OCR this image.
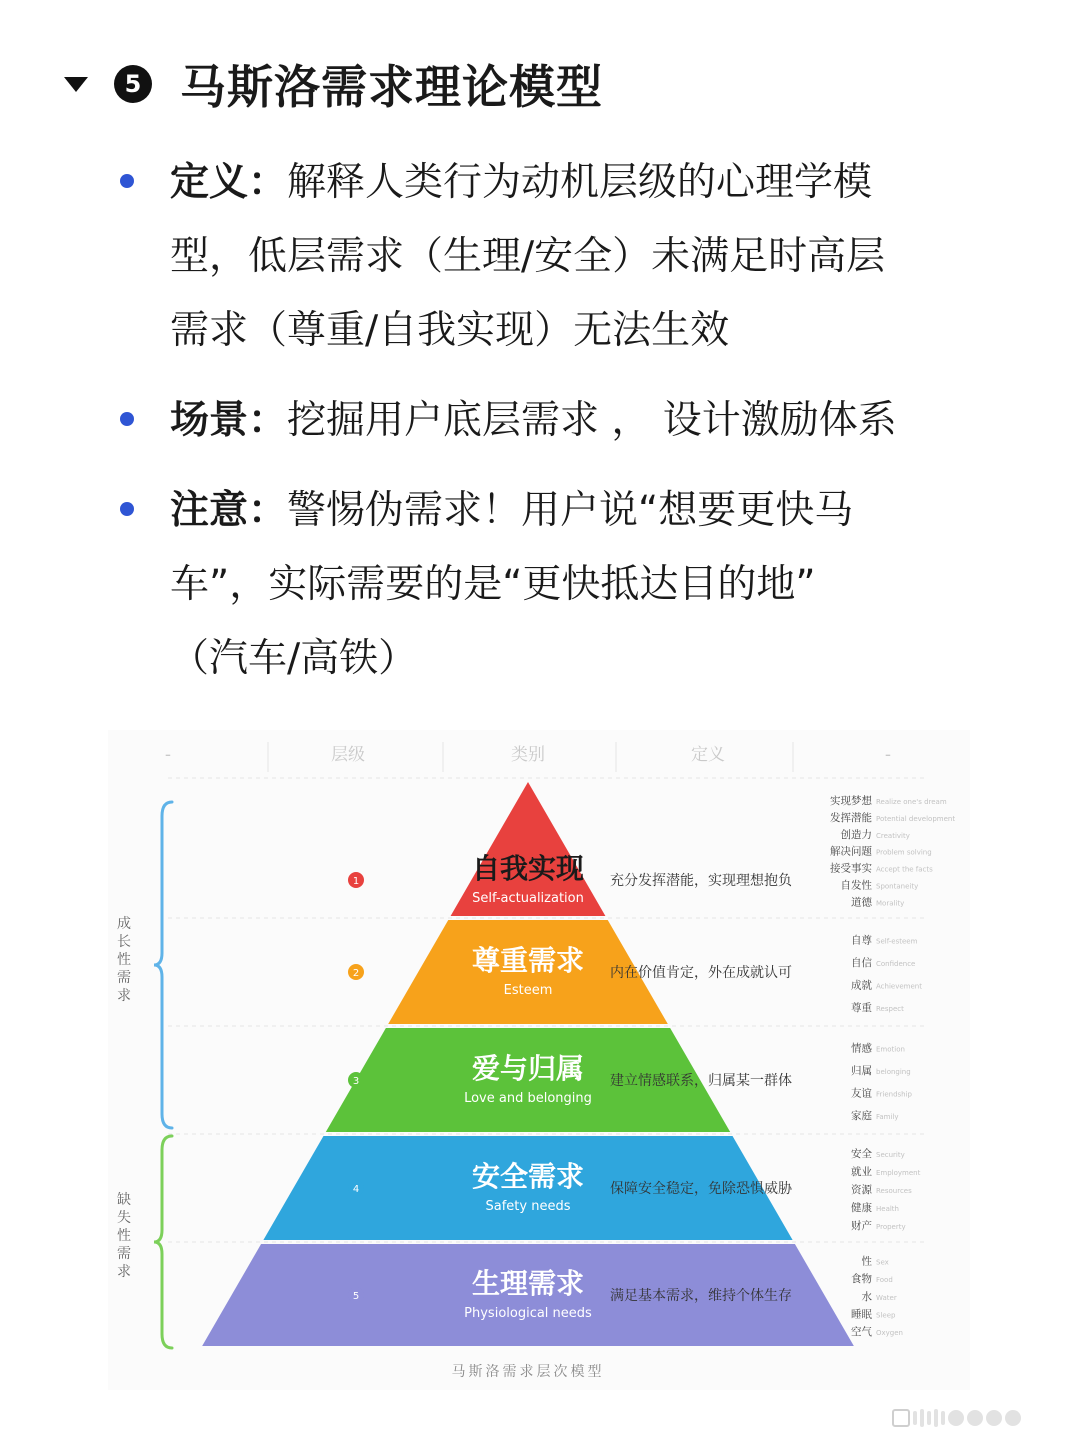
5 马斯洛需求理论模型
定义：解释人类行为动机层级的心理学模
型，低层需求（生理/安全）未满足时高层
需求（尊重/自我实现）无法生效
场景：挖掘用户底层需求 ， 设计激励体系
注意：警惕伪需求！用户说“想要更快马
车”，实际需要的是“更快抵达目的地”
（汽车/高铁）
-	层级	类别	定义	-
自我实现
Self-actualization
1	充分发挥潜能，实现理想抱负
实现梦想 Realize one's dream
发挥潜能 Potential development
创造力 Creativity
解决问题 Problem solving
接受事实 Accept the facts
自发性 Spontaneity
道德 Morality
尊重需求
Esteem
2	内在价值肯定，外在成就认可
自尊 Self-esteem
自信 Confidence
成就 Achievement
尊重 Respect
爱与归属
Love and belonging
3	建立情感联系，归属某一群体
情感 Emotion
归属 belonging
友谊 Friendship
家庭 Family
安全需求
Safety needs
4	保障安全稳定，免除恐惧威胁
安全 Security
就业 Employment
资源 Resources
健康 Health
财产 Property
生理需求
Physiological needs
5	满足基本需求，维持个体生存
性 Sex
食物 Food
水 Water
睡眠 Sleep
空气 Oxygen
成
长
性
需
求
缺
失
性
需
求
马斯洛需求层次模型
